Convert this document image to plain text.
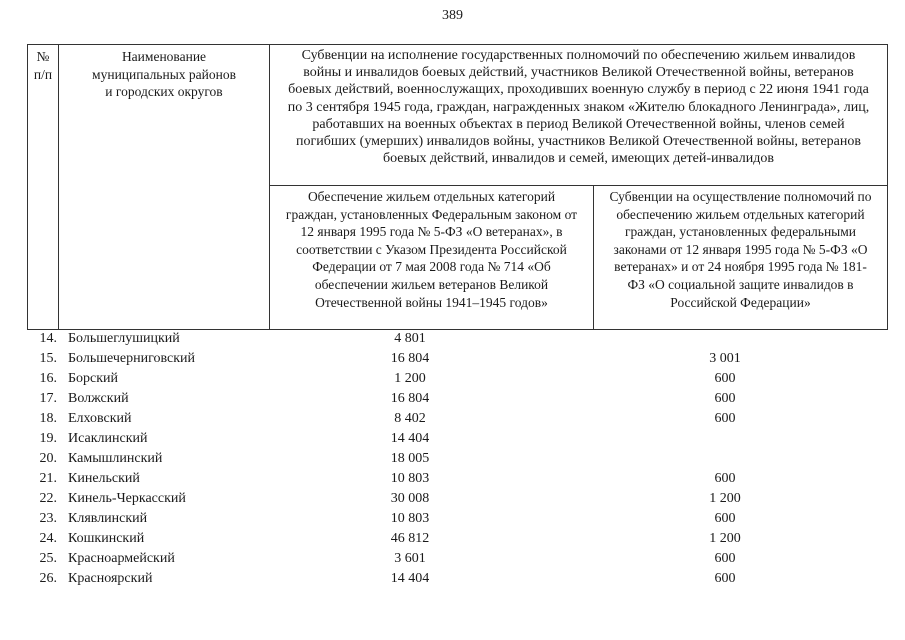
389
№
п/п
Наименование
муниципальных районов
и городских округов
Субвенции на исполнение государственных полномочий по обеспечению жильем инвалидов войны и инвалидов боевых действий, участников Великой Отечественной войны, ветеранов боевых действий, военнослужащих, проходивших военную службу в период с 22 июня 1941 года по 3 сентября 1945 года, граждан, награжденных знаком «Жителю блокадного Ленинграда», лиц, работавших на военных объектах в период Великой Отечественной войны, членов семей погибших (умерших) инвалидов войны, участников Великой Отечественной войны, ветеранов боевых действий, инвалидов и семей, имеющих детей-инвалидов
Обеспечение жильем отдельных категорий граждан, установленных Федеральным законом от 12 января 1995 года № 5-ФЗ «О ветеранах», в соответствии с Указом Президента Российской Федерации от 7 мая 2008 года № 714 «Об обеспечении жильем ветеранов Великой Отечественной войны 1941–1945 годов»
Субвенции на осуществление полномочий по обеспечению жильем отдельных категорий граждан, установленных федеральными законами от 12 января 1995 года № 5-ФЗ «О ветеранах» и от 24 ноября 1995 года № 181-ФЗ «О социальной защите инвалидов в Российской Федерации»
14. Большеглушицкий	4 801
15. Большечерниговский	16 804	3 001
16. Борский	1 200	600
17. Волжский	16 804	600
18. Елховский	8 402	600
19. Исаклинский	14 404
20. Камышлинский	18 005
21. Кинельский	10 803	600
22. Кинель-Черкасский	30 008	1 200
23. Клявлинский	10 803	600
24. Кошкинский	46 812	1 200
25. Красноармейский	3 601	600
26. Красноярский	14 404	600
